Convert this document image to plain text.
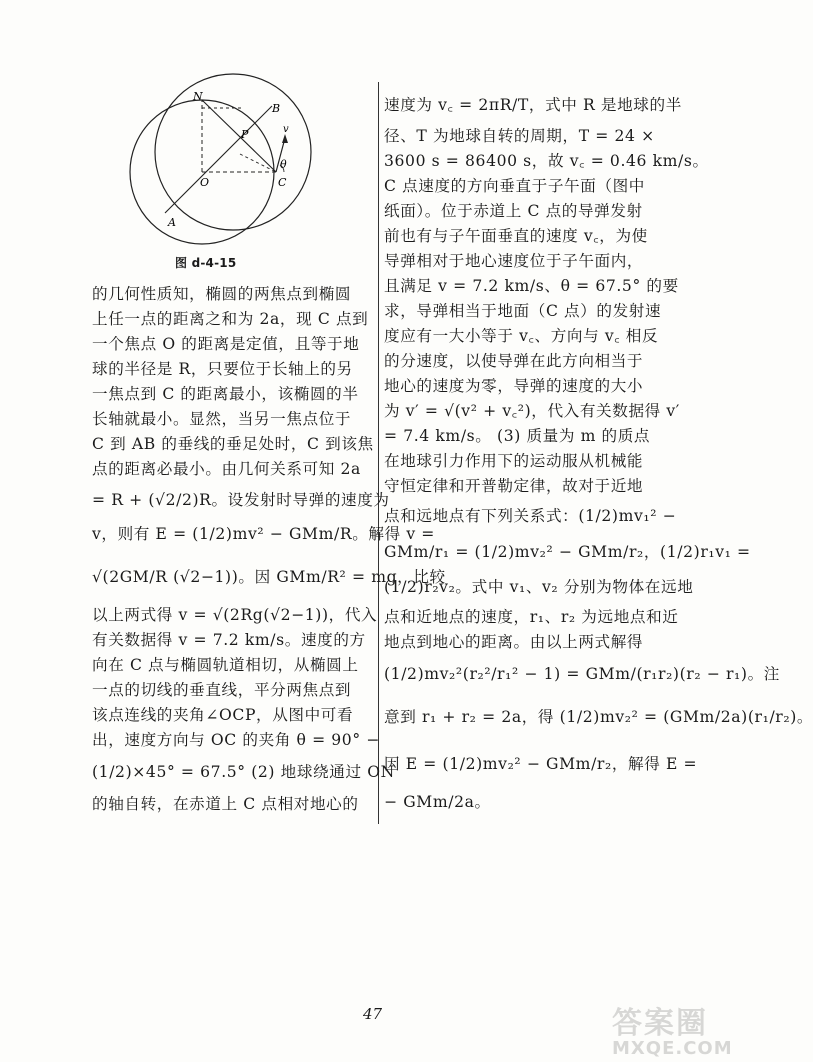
N
B
P	v
θ
O	C
A
图 d-4-15
的几何性质知，椭圆的两焦点到椭圆
上任一点的距离之和为 2a，现 C 点到
一个焦点 O 的距离是定值，且等于地
球的半径是 R，只要位于长轴上的另
一焦点到 C 的距离最小，该椭圆的半
长轴就最小。显然，当另一焦点位于
C 到 AB 的垂线的垂足处时，C 到该焦
点的距离必最小。由几何关系可知 2a
= R + (√2/2)R。设发射时导弹的速度为
v，则有 E = (1/2)mv² − GMm/R。解得 v =
√(2GM/R (√2−1))。因 GMm/R² = mg，比较
以上两式得 v = √(2Rg(√2−1))，代入
有关数据得 v = 7.2 km/s。速度的方
向在 C 点与椭圆轨道相切，从椭圆上
一点的切线的垂直线，平分两焦点到
该点连线的夹角∠OCP，从图中可看
出，速度方向与 OC 的夹角 θ = 90° −
(1/2)×45° = 67.5° (2) 地球绕通过 ON
的轴自转，在赤道上 C 点相对地心的
速度为 v꜀ = 2πR/T，式中 R 是地球的半
径、T 为地球自转的周期，T = 24 ×
3600 s = 86400 s，故 v꜀ = 0.46 km/s。
C 点速度的方向垂直于子午面（图中
纸面）。位于赤道上 C 点的导弹发射
前也有与子午面垂直的速度 v꜀，为使
导弹相对于地心速度位于子午面内，
且满足 v = 7.2 km/s、θ = 67.5° 的要
求，导弹相当于地面（C 点）的发射速
度应有一大小等于 v꜀、方向与 v꜀ 相反
的分速度，以使导弹在此方向相当于
地心的速度为零，导弹的速度的大小
为 v′ = √(v² + v꜀²)，代入有关数据得 v′
= 7.4 km/s。 (3) 质量为 m 的质点
在地球引力作用下的运动服从机械能
守恒定律和开普勒定律，故对于近地
点和远地点有下列关系式：(1/2)mv₁² −
GMm/r₁ = (1/2)mv₂² − GMm/r₂，(1/2)r₁v₁ =
(1/2)r₂v₂。式中 v₁、v₂ 分别为物体在远地
点和近地点的速度，r₁、r₂ 为远地点和近
地点到地心的距离。由以上两式解得
(1/2)mv₂²(r₂²/r₁² − 1) = GMm/(r₁r₂)(r₂ − r₁)。注
意到 r₁ + r₂ = 2a，得 (1/2)mv₂² = (GMm/2a)(r₁/r₂)。
因 E = (1/2)mv₂² − GMm/r₂，解得 E =
− GMm/2a。
47	答案圈
MXQE.COM
